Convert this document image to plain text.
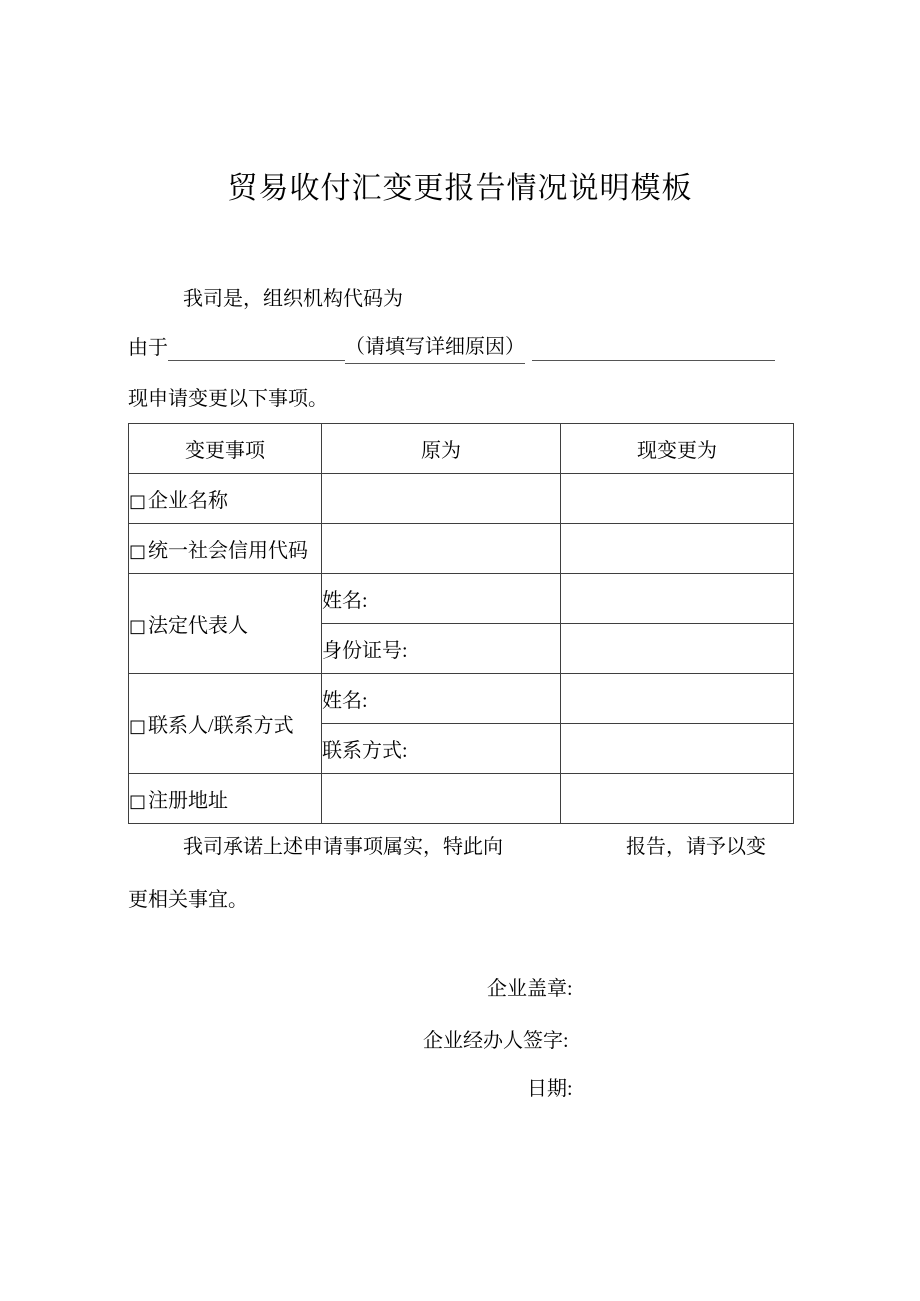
贸易收付汇变更报告情况说明模板
我司是，组织机构代码为
由于	（请填写详细原因）
现申请变更以下事项。
变更事项	原为	现变更为
□ 企业名称		
□ 统一社会信用代码		
□ 法定代表人	姓名:	
	身份证号:	
□ 联系人/联系方式	姓名:	
	联系方式:	
□ 注册地址		
我司承诺上述申请事项属实，特此向	报告，请予以变
更相关事宜。
企业盖章:
企业经办人签字:
日期:
